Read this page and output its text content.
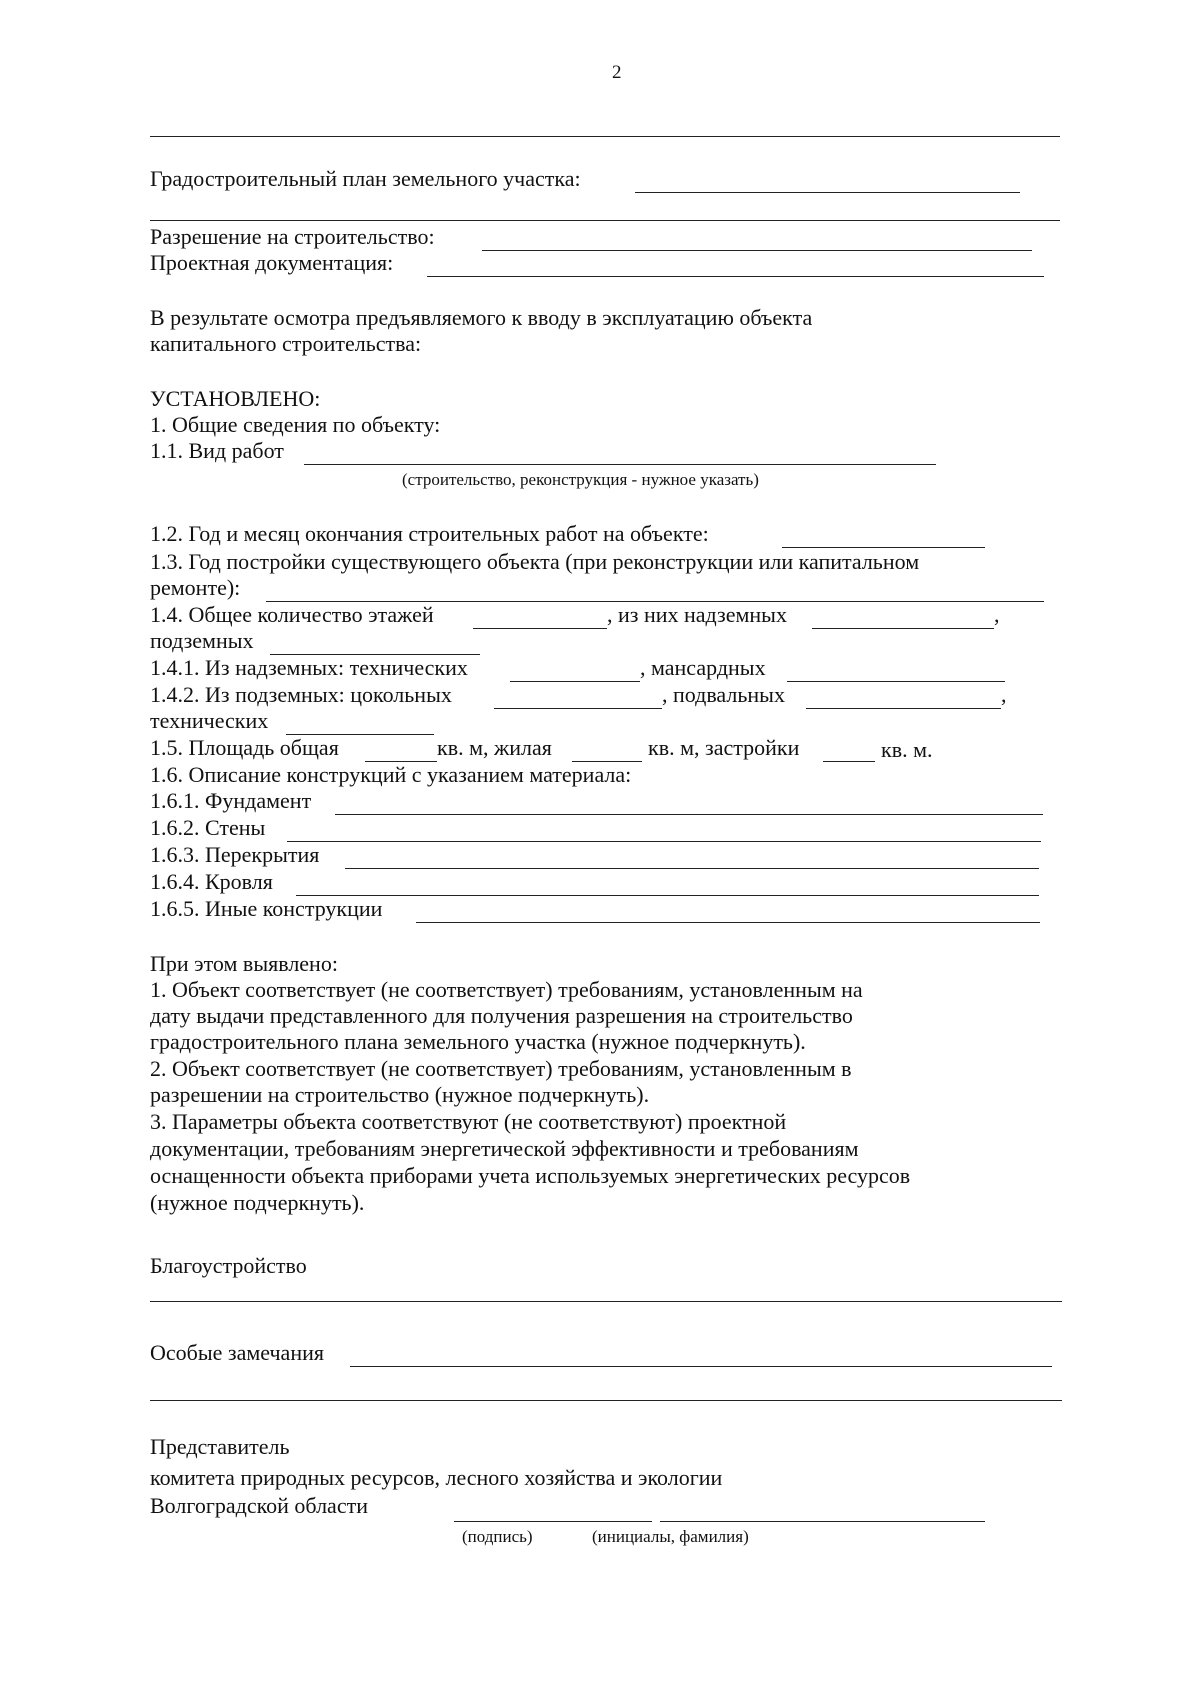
2
Градостроительный план земельного участка:
Разрешение на строительство:
Проектная документация:
В результате осмотра предъявляемого к вводу в эксплуатацию объекта
капитального строительства:
УСТАНОВЛЕНО:
1. Общие сведения по объекту:
1.1. Вид работ
(строительство, реконструкция - нужное указать)
1.2. Год и месяц окончания строительных работ на объекте:
1.3. Год постройки существующего объекта (при реконструкции или капитальном
ремонте):
1.4. Общее количество этажей	, из них надземных	,
подземных
1.4.1. Из надземных: технических	, мансардных
1.4.2. Из подземных: цокольных	, подвальных	,
технических
1.5. Площадь общая	кв. м, жилая	кв. м, застройки	кв. м.
1.6. Описание конструкций с указанием материала:
1.6.1. Фундамент
1.6.2. Стены
1.6.3. Перекрытия
1.6.4. Кровля
1.6.5. Иные конструкции
При этом выявлено:
1. Объект соответствует (не соответствует) требованиям, установленным на
дату выдачи представленного для получения разрешения на строительство
градостроительного плана земельного участка (нужное подчеркнуть).
2. Объект соответствует (не соответствует) требованиям, установленным в
разрешении на строительство (нужное подчеркнуть).
3. Параметры объекта соответствуют (не соответствуют) проектной
документации, требованиям энергетической эффективности и требованиям
оснащенности объекта приборами учета используемых энергетических ресурсов
(нужное подчеркнуть).
Благоустройство
Особые замечания
Представитель
комитета природных ресурсов, лесного хозяйства и экологии
Волгоградской области
(подпись)	(инициалы, фамилия)
